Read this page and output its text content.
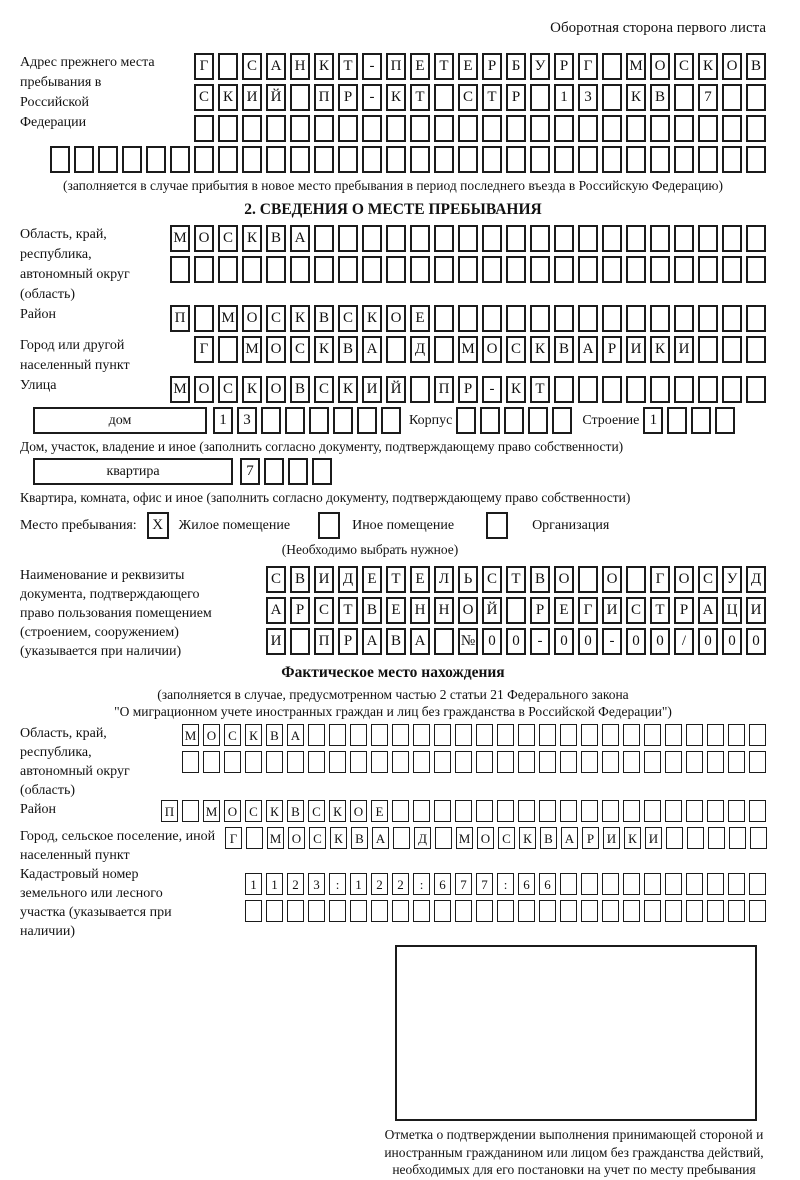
Оборотная сторона первого листа
Адрес прежнего места пребывания в Российской Федерации
Г	С А Н К Т	-	П Е Т Е	Р	Б У Р	Г	М О С К О В
С К И Й	П Р	-	К Т	С Т	Р	1	3	К В	7
(заполняется в случае прибытия в новое место пребывания в период последнего въезда в Российскую Федерацию)
2. СВЕДЕНИЯ О МЕСТЕ ПРЕБЫВАНИЯ
Область, край, республика, автономный округ (область)
М О С К В А
Район	П	М О С К В С К О Е
Город или другой населенный пункт
Г	М О С К В А	Д	М О С К В А Р И К И
Улица	М О С К О В С К И Й	П Р	-	К Т
дом	1	3	Корпус	Строение 1
Дом, участок, владение и иное (заполнить согласно документу, подтверждающему право собственности)
квартира	7
Квартира, комната, офис и иное (заполнить согласно документу, подтверждающему право собственности)
Место пребывания:	X	Жилое помещение	Иное помещение	Организация
(Необходимо выбрать нужное)
Наименование и реквизиты документа, подтверждающего право пользования помещением (строением, сооружением) (указывается при наличии)
С В И Д Е Т Е Л Ь С Т В О	О	Г О С У Д
А Р С Т В Е Н Н О Й	Р	Е	Г И С Т	Р А Ц И
И	П Р А В А	№ 0	0	-	0	0	-	0	0	/	0	0	0
Фактическое место нахождения
(заполняется в случае, предусмотренном частью 2 статьи 21 Федерального закона
"О миграционном учете иностранных граждан и лиц без гражданства в Российской Федерации")
Область, край, республика, автономный округ (область)
М О С К В А
Район	П М О С К В С К О Е
Город, сельское поселение, иной населенный пункт
Г	М О С К В А	Д	М О С К В А Р И К И
Кадастровый номер земельного или лесного участка (указывается при наличии)
1	1	2	3	:	1	2	2	:	6	7	7	:	6	6
Отметка о подтверждении выполнения принимающей стороной и иностранным гражданином или лицом без гражданства действий, необходимых для его постановки на учет по месту пребывания
